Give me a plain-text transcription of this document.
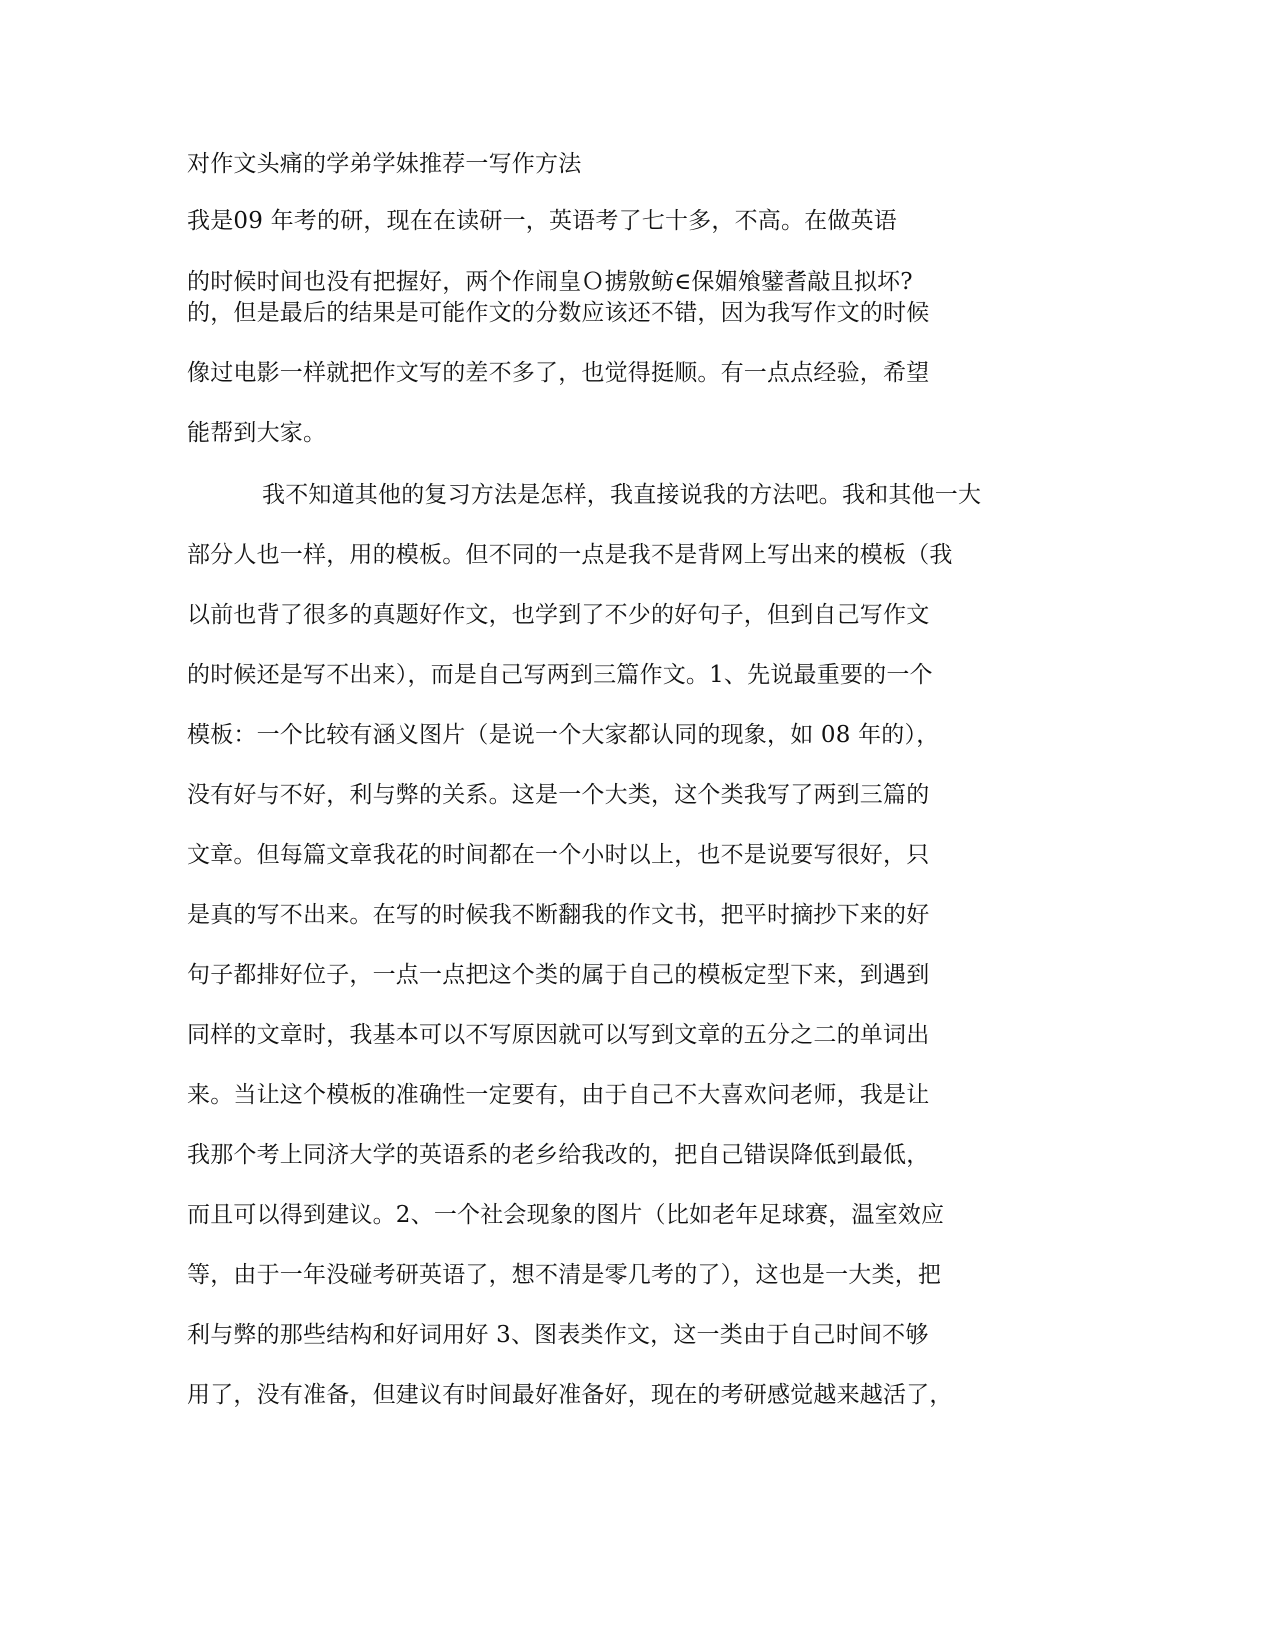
对作文头痛的学弟学妹推荐一写作方法
我是09 年考的研，现在在读研一，英语考了七十多，不高。在做英语
的时候时间也没有把握好，两个作闹皇Ｏ掳敫鲂∈保媚飧鐾耆敲且拟坏?
的，但是最后的结果是可能作文的分数应该还不错，因为我写作文的时候
像过电影一样就把作文写的差不多了，也觉得挺顺。有一点点经验，希望
能帮到大家。
我不知道其他的复习方法是怎样，我直接说我的方法吧。我和其他一大
部分人也一样，用的模板。但不同的一点是我不是背网上写出来的模板（我
以前也背了很多的真题好作文，也学到了不少的好句子，但到自己写作文
的时候还是写不出来），而是自己写两到三篇作文。1、先说最重要的一个
模板：一个比较有涵义图片（是说一个大家都认同的现象，如 08 年的），
没有好与不好，利与弊的关系。这是一个大类，这个类我写了两到三篇的
文章。但每篇文章我花的时间都在一个小时以上，也不是说要写很好，只
是真的写不出来。在写的时候我不断翻我的作文书，把平时摘抄下来的好
句子都排好位子，一点一点把这个类的属于自己的模板定型下来，到遇到
同样的文章时，我基本可以不写原因就可以写到文章的五分之二的单词出
来。当让这个模板的准确性一定要有，由于自己不大喜欢问老师，我是让
我那个考上同济大学的英语系的老乡给我改的，把自己错误降低到最低，
而且可以得到建议。2、一个社会现象的图片（比如老年足球赛，温室效应
等，由于一年没碰考研英语了，想不清是零几考的了），这也是一大类，把
利与弊的那些结构和好词用好 3、图表类作文，这一类由于自己时间不够
用了，没有准备，但建议有时间最好准备好，现在的考研感觉越来越活了，
